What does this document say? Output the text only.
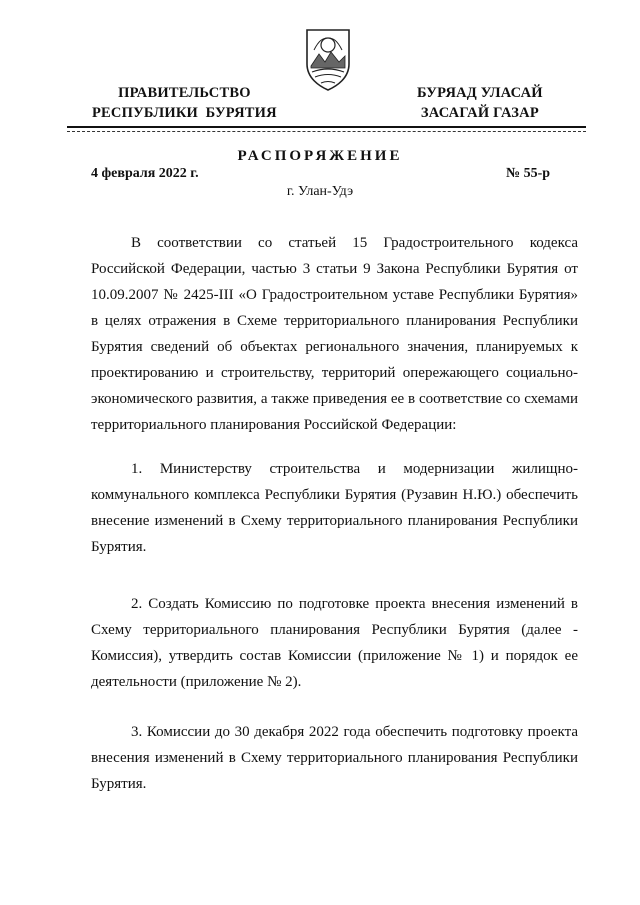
ПРАВИТЕЛЬСТВО
РЕСПУБЛИКИ  БУРЯТИЯ
БУРЯАД УЛАСАЙ
ЗАСАГАЙ ГАЗАР
РАСПОРЯЖЕНИЕ
4 февраля 2022 г.	№ 55-р
г. Улан-Удэ

В соответствии со статьей 15 Градостроительного кодекса Российской Федерации, частью 3 статьи 9 Закона Республики Бурятия от 10.09.2007 № 2425-III «О Градостроительном уставе Республики Бурятия» в целях отражения в Схеме территориального планирования Республики Бурятия сведений об объектах регионального значения, планируемых к проектированию и строительству, территорий опережающего социально-экономического развития, а также приведения ее в соответствие со схемами территориального планирования Российской Федерации:

1. Министерству строительства и модернизации жилищно-коммунального комплекса Республики Бурятия (Рузавин Н.Ю.) обеспечить внесение изменений в Схему территориального планирования Республики Бурятия.

2. Создать Комиссию по подготовке проекта внесения изменений в Схему территориального планирования Республики Бурятия (далее - Комиссия), утвердить состав Комиссии (приложение № 1) и порядок ее деятельности (приложение № 2).

3. Комиссии до 30 декабря 2022 года обеспечить подготовку проекта внесения изменений в Схему территориального планирования Республики Бурятия.
